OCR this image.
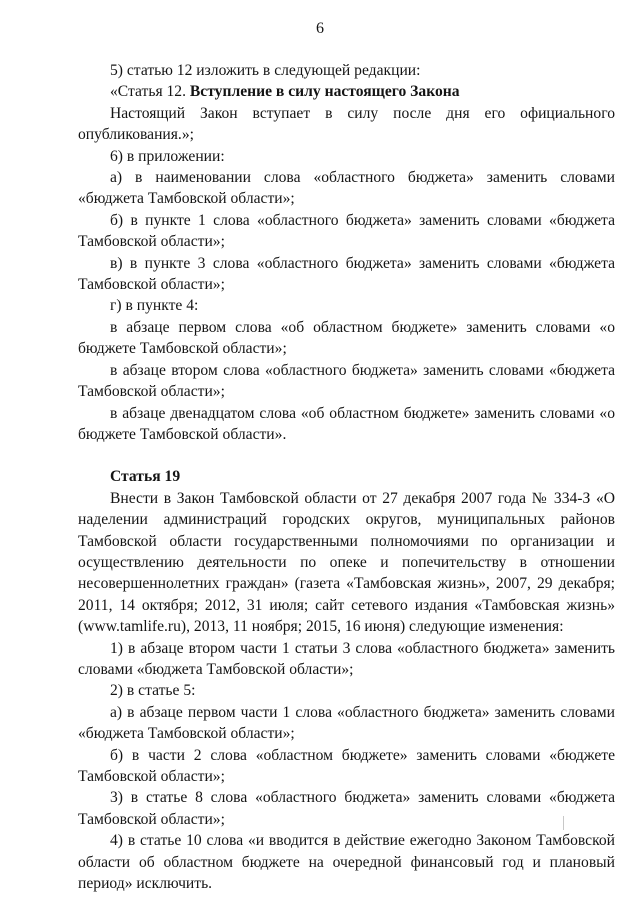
6

5) статью 12 изложить в следующей редакции:

«Статья 12. Вступление в силу настоящего Закона

Настоящий Закон вступает в силу после дня его официального опубликования.»;

6) в приложении:

а) в наименовании слова «областного бюджета» заменить словами «бюджета Тамбовской области»;

б) в пункте 1 слова «областного бюджета» заменить словами «бюджета Тамбовской области»;

в) в пункте 3 слова «областного бюджета» заменить словами «бюджета Тамбовской области»;

г) в пункте 4:

в абзаце первом слова «об областном бюджете» заменить словами «о бюджете Тамбовской области»;

в абзаце втором слова «областного бюджета» заменить словами «бюджета Тамбовской области»;

в абзаце двенадцатом слова «об областном бюджете» заменить словами «о бюджете Тамбовской области».

Статья 19

Внести в Закон Тамбовской области от 27 декабря 2007 года № 334-З «О наделении администраций городских округов, муниципальных районов Тамбовской области государственными полномочиями по организации и осуществлению деятельности по опеке и попечительству в отношении несовершеннолетних граждан» (газета «Тамбовская жизнь», 2007, 29 декабря; 2011, 14 октября; 2012, 31 июля; сайт сетевого издания «Тамбовская жизнь» (www.tamlife.ru), 2013, 11 ноября; 2015, 16 июня) следующие изменения:

1) в абзаце втором части 1 статьи 3 слова «областного бюджета» заменить словами «бюджета Тамбовской области»;

2) в статье 5:

а) в абзаце первом части 1 слова «областного бюджета» заменить словами «бюджета Тамбовской области»;

б) в части 2 слова «областном бюджете» заменить словами «бюджете Тамбовской области»;

3) в статье 8 слова «областного бюджета» заменить словами «бюджета Тамбовской области»;

4) в статье 10 слова «и вводится в действие ежегодно Законом Тамбовской области об областном бюджете на очередной финансовый год и плановый период» исключить.
